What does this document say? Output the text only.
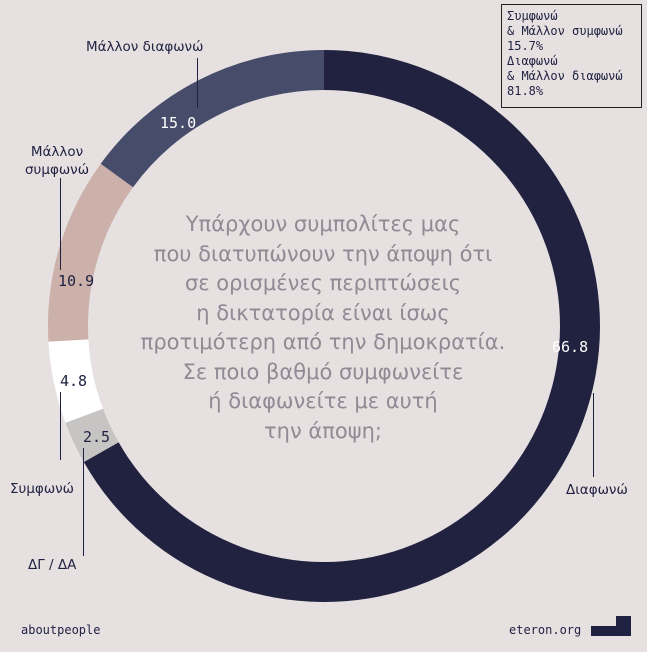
Υπάρχουν συμπολίτες μας
που διατυπώνουν την άποψη ότι
σε ορισμένες περιπτώσεις
η δικτατορία είναι ίσως
προτιμότερη από την δημοκρατία.
Σε ποιο βαθμό συμφωνείτε
ή διαφωνείτε με αυτή
την άποψη;
Συμφωνώ
& Μάλλον συμφωνώ
15.7%
Διαφωνώ
& Μάλλον διαφωνώ
81.8%
Μάλλον διαφωνώ
Μάλλον
συμφωνώ
Συμφωνώ
ΔΓ / ΔΑ
Διαφωνώ
15.0
10.9
4.8
2.5
66.8
aboutpeople	eteron.org
